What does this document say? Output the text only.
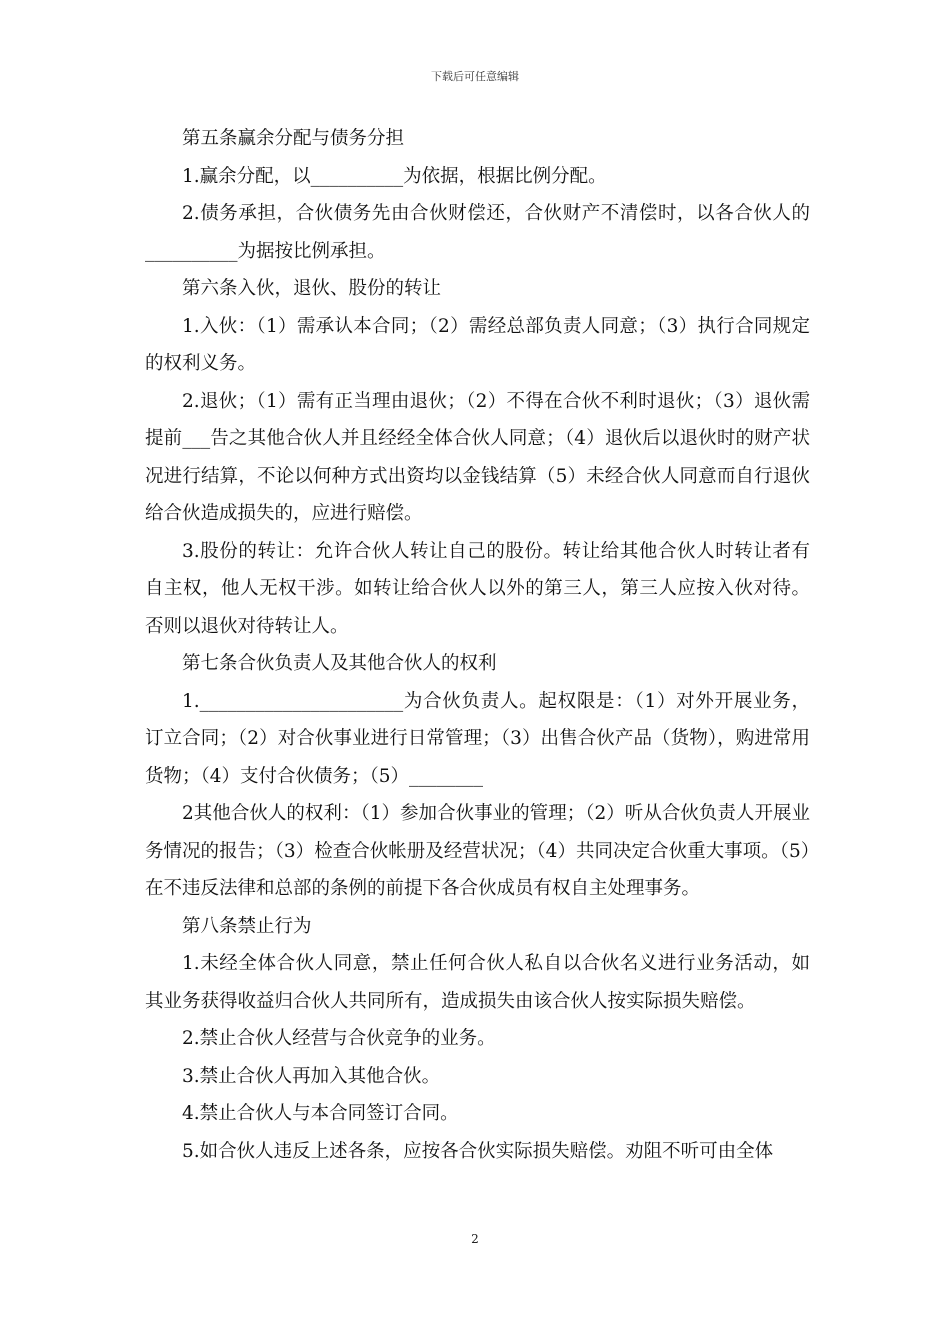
下载后可任意编辑

第五条赢余分配与债务分担

1.赢余分配，以__________为依据，根据比例分配。

2.债务承担，合伙债务先由合伙财偿还，合伙财产不清偿时，以各合伙人的__________为据按比例承担。

第六条入伙，退伙、股份的转让

1.入伙：（1）需承认本合同；（2）需经总部负责人同意；（3）执行合同规定的权利义务。

2.退伙；（1）需有正当理由退伙；（2）不得在合伙不利时退伙；（3）退伙需提前___告之其他合伙人并且经经全体合伙人同意；（4）退伙后以退伙时的财产状况进行结算，不论以何种方式出资均以金钱结算（5）未经合伙人同意而自行退伙给合伙造成损失的，应进行赔偿。

3.股份的转让：允许合伙人转让自己的股份。转让给其他合伙人时转让者有自主权，他人无权干涉。如转让给合伙人以外的第三人，第三人应按入伙对待。否则以退伙对待转让人。

第七条合伙负责人及其他合伙人的权利

1.______________________为合伙负责人。起权限是：（1）对外开展业务，订立合同；（2）对合伙事业进行日常管理；（3）出售合伙产品（货物），购进常用货物；（4）支付合伙债务；（5）________

2其他合伙人的权利：（1）参加合伙事业的管理；（2）听从合伙负责人开展业务情况的报告；（3）检查合伙帐册及经营状况；（4）共同决定合伙重大事项。（5）在不违反法律和总部的条例的前提下各合伙成员有权自主处理事务。

第八条禁止行为

1.未经全体合伙人同意，禁止任何合伙人私自以合伙名义进行业务活动，如其业务获得收益归合伙人共同所有，造成损失由该合伙人按实际损失赔偿。

2.禁止合伙人经营与合伙竞争的业务。

3.禁止合伙人再加入其他合伙。

4.禁止合伙人与本合同签订合同。

5.如合伙人违反上述各条，应按各合伙实际损失赔偿。劝阻不听可由全体

2
